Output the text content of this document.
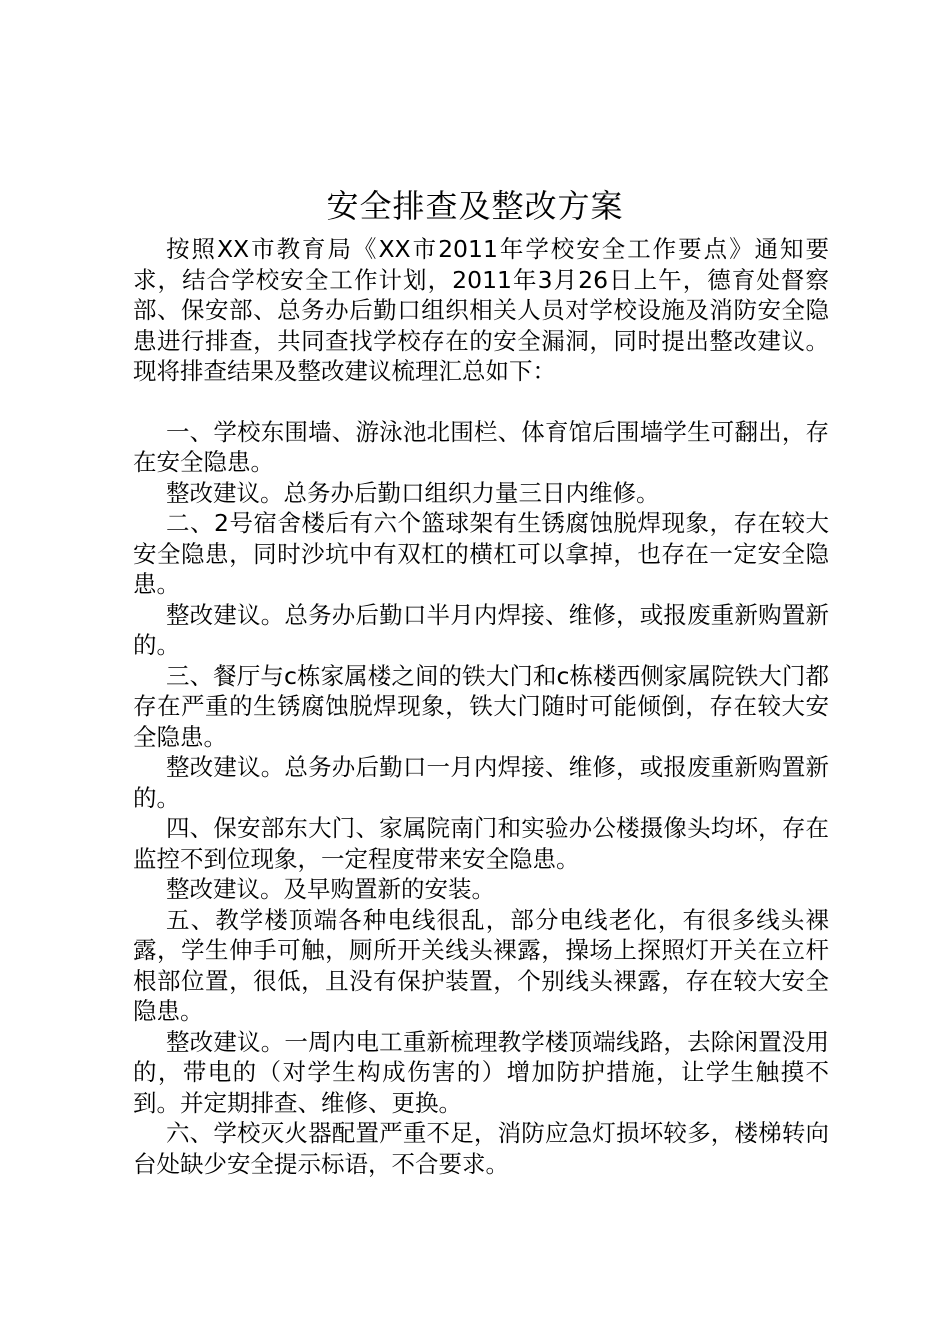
安全排查及整改方案

按照XX市教育局《XX市2011年学校安全工作要点》通知要求，结合学校安全工作计划，2011年3月26日上午，德育处督察部、保安部、总务办后勤口组织相关人员对学校设施及消防安全隐患进行排查，共同查找学校存在的安全漏洞，同时提出整改建议。现将排查结果及整改建议梳理汇总如下：

一、学校东围墙、游泳池北围栏、体育馆后围墙学生可翻出，存在安全隐患。

整改建议。总务办后勤口组织力量三日内维修。

二、2号宿舍楼后有六个篮球架有生锈腐蚀脱焊现象，存在较大安全隐患，同时沙坑中有双杠的横杠可以拿掉，也存在一定安全隐患。

整改建议。总务办后勤口半月内焊接、维修，或报废重新购置新的。

三、餐厅与c栋家属楼之间的铁大门和c栋楼西侧家属院铁大门都存在严重的生锈腐蚀脱焊现象，铁大门随时可能倾倒，存在较大安全隐患。

整改建议。总务办后勤口一月内焊接、维修，或报废重新购置新的。

四、保安部东大门、家属院南门和实验办公楼摄像头均坏，存在监控不到位现象，一定程度带来安全隐患。

整改建议。及早购置新的安装。

五、教学楼顶端各种电线很乱，部分电线老化，有很多线头裸露，学生伸手可触，厕所开关线头裸露，操场上探照灯开关在立杆根部位置，很低，且没有保护装置，个别线头裸露，存在较大安全隐患。

整改建议。一周内电工重新梳理教学楼顶端线路，去除闲置没用的，带电的（对学生构成伤害的）增加防护措施，让学生触摸不到。并定期排查、维修、更换。

六、学校灭火器配置严重不足，消防应急灯损坏较多，楼梯转向台处缺少安全提示标语，不合要求。
